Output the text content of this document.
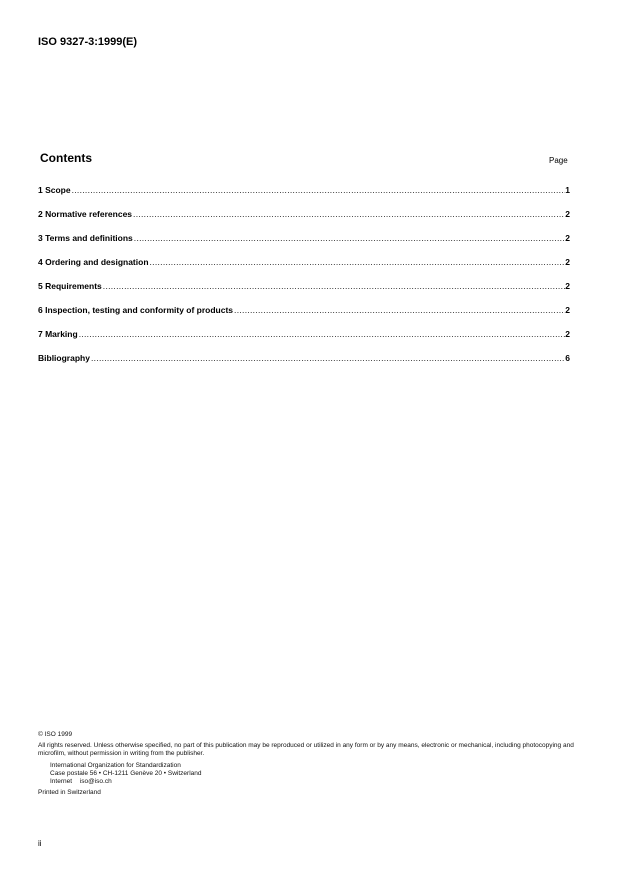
ISO 9327-3:1999(E)
Contents	Page
1 Scope .....	1
2 Normative references .....	2
3 Terms and definitions .....	2
4 Ordering and designation .....	2
5 Requirements .....	2
6 Inspection, testing and conformity of products .....	2
7 Marking .....	2
Bibliography .....	6
© ISO 1999
All rights reserved. Unless otherwise specified, no part of this publication may be reproduced or utilized in any form or by any means, electronic or mechanical, including photocopying and microfilm, without permission in writing from the publisher.
International Organization for Standardization
Case postale 56 • CH-1211 Genève 20 • Switzerland
Internet iso@iso.ch
Printed in Switzerland
ii
